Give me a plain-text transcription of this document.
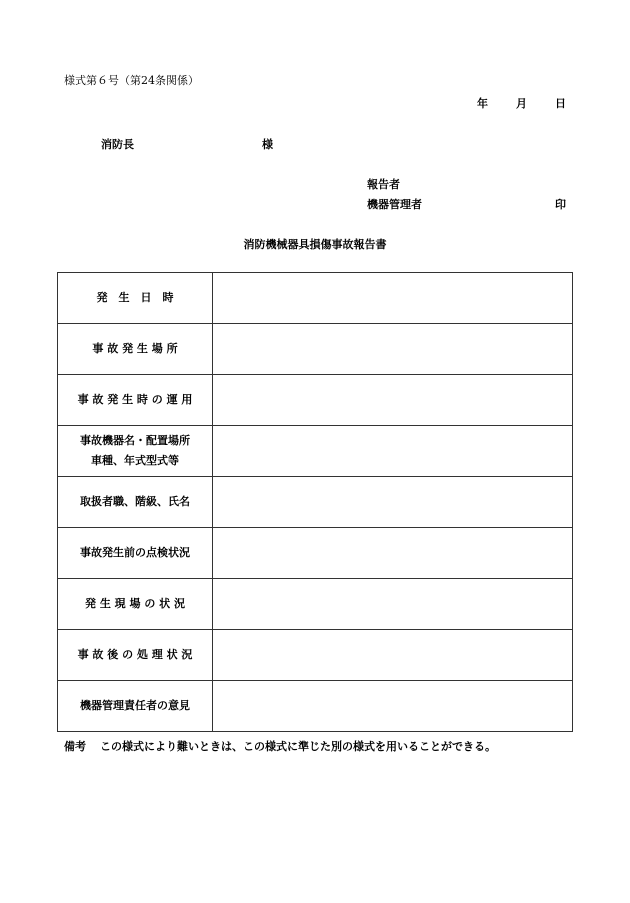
様式第６号（第24条関係）
年	月	日
消防長	様
報告者
機器管理者	印
消防機械器具損傷事故報告書
発　生　日　時	

事 故 発 生 場 所	

事 故 発 生 時 の 運 用	

事故機器名・配置場所
車種、年式型式等	

取扱者職、階級、氏名	

事故発生前の点検状況	

発 生 現 場 の 状 況	

事 故 後 の 処 理 状 況	

機器管理責任者の意見	

備考 この様式により難いときは、この様式に準じた別の様式を用いることができる。
